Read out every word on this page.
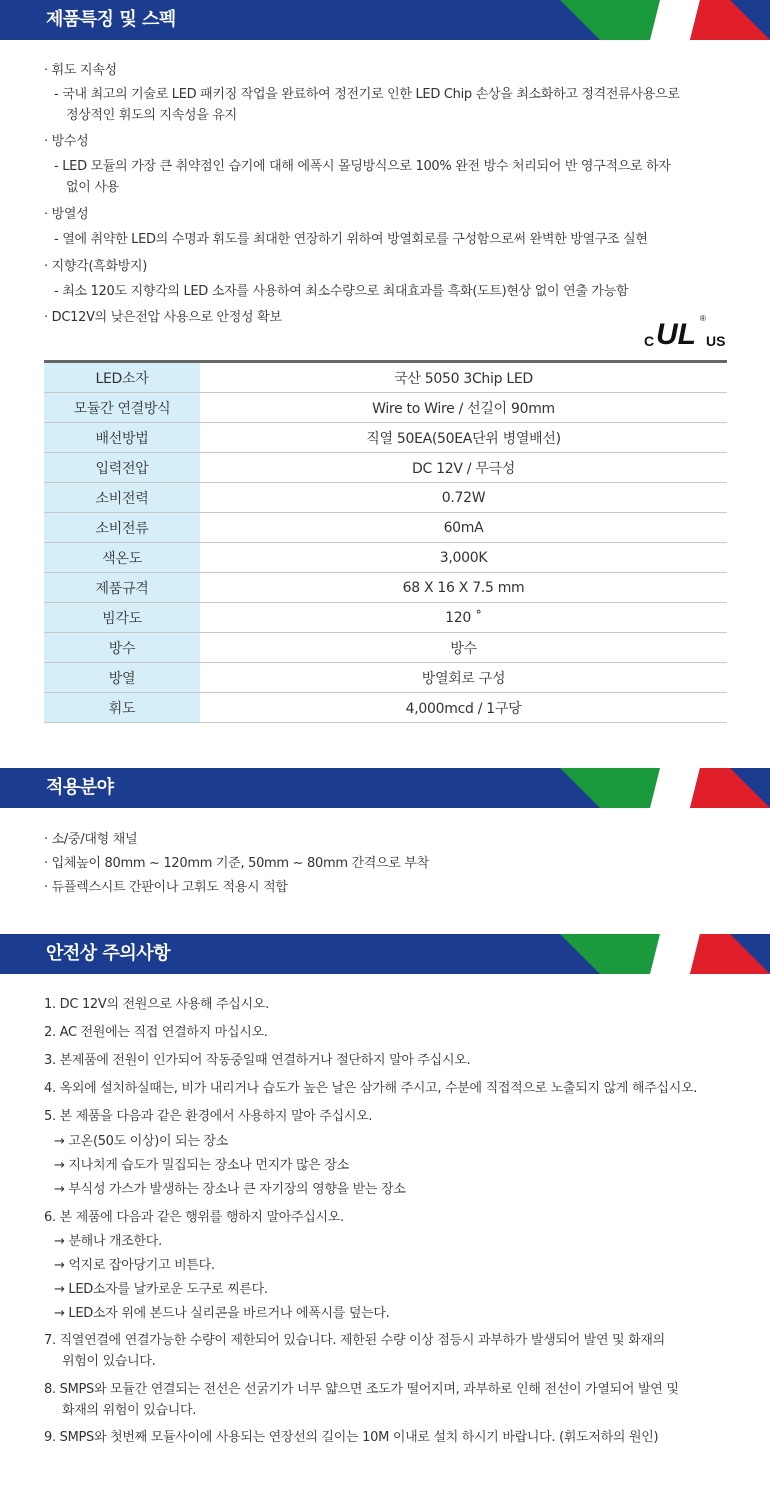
제품특징 및 스펙
· 휘도 지속성
- 국내 최고의 기술로 LED 패키징 작업을 완료하여 정전기로 인한 LED Chip 손상을 최소화하고 정격전류사용으로
정상적인 휘도의 지속성을 유지
· 방수성
- LED 모듈의 가장 큰 취약점인 습기에 대해 에폭시 몰딩방식으로 100% 완전 방수 처리되어 반 영구적으로 하자
없이 사용
· 방열성
- 열에 취약한 LED의 수명과 휘도를 최대한 연장하기 위하여 방열회로를 구성함으로써 완벽한 방열구조 실현
· 지향각(흑화방지)
- 최소 120도 지향각의 LED 소자를 사용하여 최소수량으로 최대효과를 흑화(도트)현상 없이 연출 가능함
· DC12V의 낮은전압 사용으로 안정성 확보
C UL ®
US
LED소자	국산 5050 3Chip LED
모듈간 연결방식	Wire to Wire / 선길이 90mm
배선방법	직열 50EA(50EA단위 병열배선)
입력전압	DC 12V / 무극성
소비전력	0.72W
소비전류	60mA
색온도	3,000K
제품규격	68 X 16 X 7.5 mm
빔각도	120 ˚
방수	방수
방열	방열회로 구성
휘도	4,000mcd / 1구당
적용분야
· 소/중/대형 채널
· 입체높이 80mm ~ 120mm 기준, 50mm ~ 80mm 간격으로 부착
· 듀플렉스시트 간판이나 고휘도 적용시 적합
안전상 주의사항
1. DC 12V의 전원으로 사용해 주십시오.
2. AC 전원에는 직접 연결하지 마십시오.
3. 본제품에 전원이 인가되어 작동중일때 연결하거나 절단하지 말아 주십시오.
4. 옥외에 설치하실때는, 비가 내리거나 습도가 높은 날은 삼가해 주시고, 수분에 직접적으로 노출되지 않게 해주십시오.
5. 본 제품을 다음과 같은 환경에서 사용하지 말아 주십시오.
→ 고온(50도 이상)이 되는 장소
→ 지나치게 습도가 밀집되는 장소나 먼지가 많은 장소
→ 부식성 가스가 발생하는 장소나 큰 자기장의 영향을 받는 장소
6. 본 제품에 다음과 같은 행위를 행하지 말아주십시오.
→ 분해나 개조한다.
→ 억지로 잡아당기고 비튼다.
→ LED소자를 날카로운 도구로 찌른다.
→ LED소자 위에 본드나 실리콘을 바르거나 에폭시를 덮는다.
7. 직열연결에 연결가능한 수량이 제한되어 있습니다. 제한된 수량 이상 점등시 과부하가 발생되어 발연 및 화재의
위험이 있습니다.
8. SMPS와 모듈간 연결되는 전선은 선굵기가 너무 얇으면 조도가 떨어지며, 과부하로 인해 전선이 가열되어 발연 및
화재의 위험이 있습니다.
9. SMPS와 첫번째 모듈사이에 사용되는 연장선의 길이는 10M 이내로 설치 하시기 바랍니다. (휘도저하의 원인)
